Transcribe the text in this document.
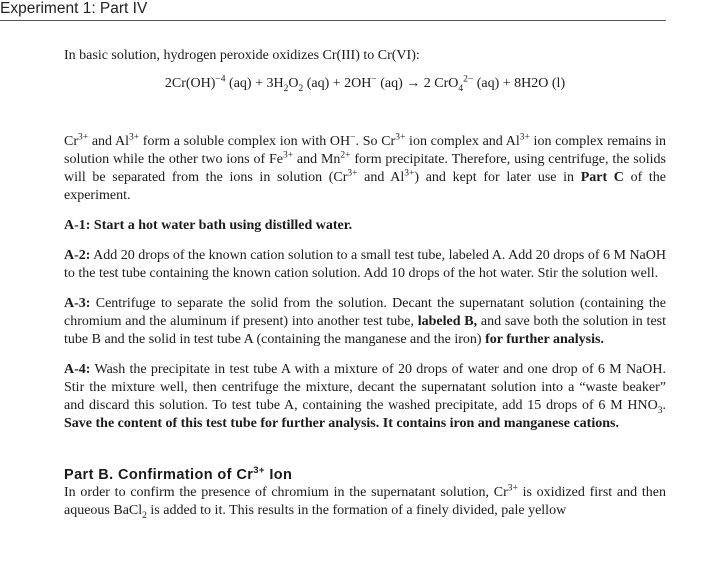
Experiment 1: Part IV

In basic solution, hydrogen peroxide oxidizes Cr(III) to Cr(VI):

2Cr(OH)$^{-4}$ $(aq) + 3H_2O_2$ (aq) + 2OH− (aq) → 2 CrO$_4^{2-}$ (aq) + 8H2O (l)

$Cr^{3+}$ and $Al^{3+}$ form a soluble complex ion with OH−. So $Cr^{3+}$ ion complex and $Al^{3+}$ ion complex remains in solution while the other two ions of $Fe^{3+}$ and $Mn^{2+}$ form precipitate. Therefore, using centrifuge, the solids will be separated from the ions in solution ($Cr^{3+}$ and $Al^{3+}$) and kept for later use in Part C of the experiment.

A-1: Start a hot water bath using distilled water.

A-2: Add 20 drops of the known cation solution to a small test tube, labeled A. Add 20 drops of 6 M NaOH to the test tube containing the known cation solution. Add 10 drops of the hot water. Stir the solution well.

A-3: Centrifuge to separate the solid from the solution. Decant the supernatant solution (containing the chromium and the aluminum if present) into another test tube, labeled B, and save both the solution in test tube B and the solid in test tube A (containing the manganese and the iron) for further analysis.

A-4: Wash the precipitate in test tube A with a mixture of 20 drops of water and one drop of 6 M NaOH. Stir the mixture well, then centrifuge the mixture, decant the supernatant solution into a “waste beaker” and discard this solution. To test tube A, containing the washed precipitate, add 15 drops of 6 M $HNO_3$. Save the content of this test tube for further analysis. It contains iron and manganese cations.

Part B. Confirmation of $Cr^{3+}$ Ion

In order to confirm the presence of chromium in the supernatant solution, $Cr^{3+}$ is oxidized first and then aqueous BaCl$_2$ is added to it. This results in the formation of a finely divided, pale yellow
